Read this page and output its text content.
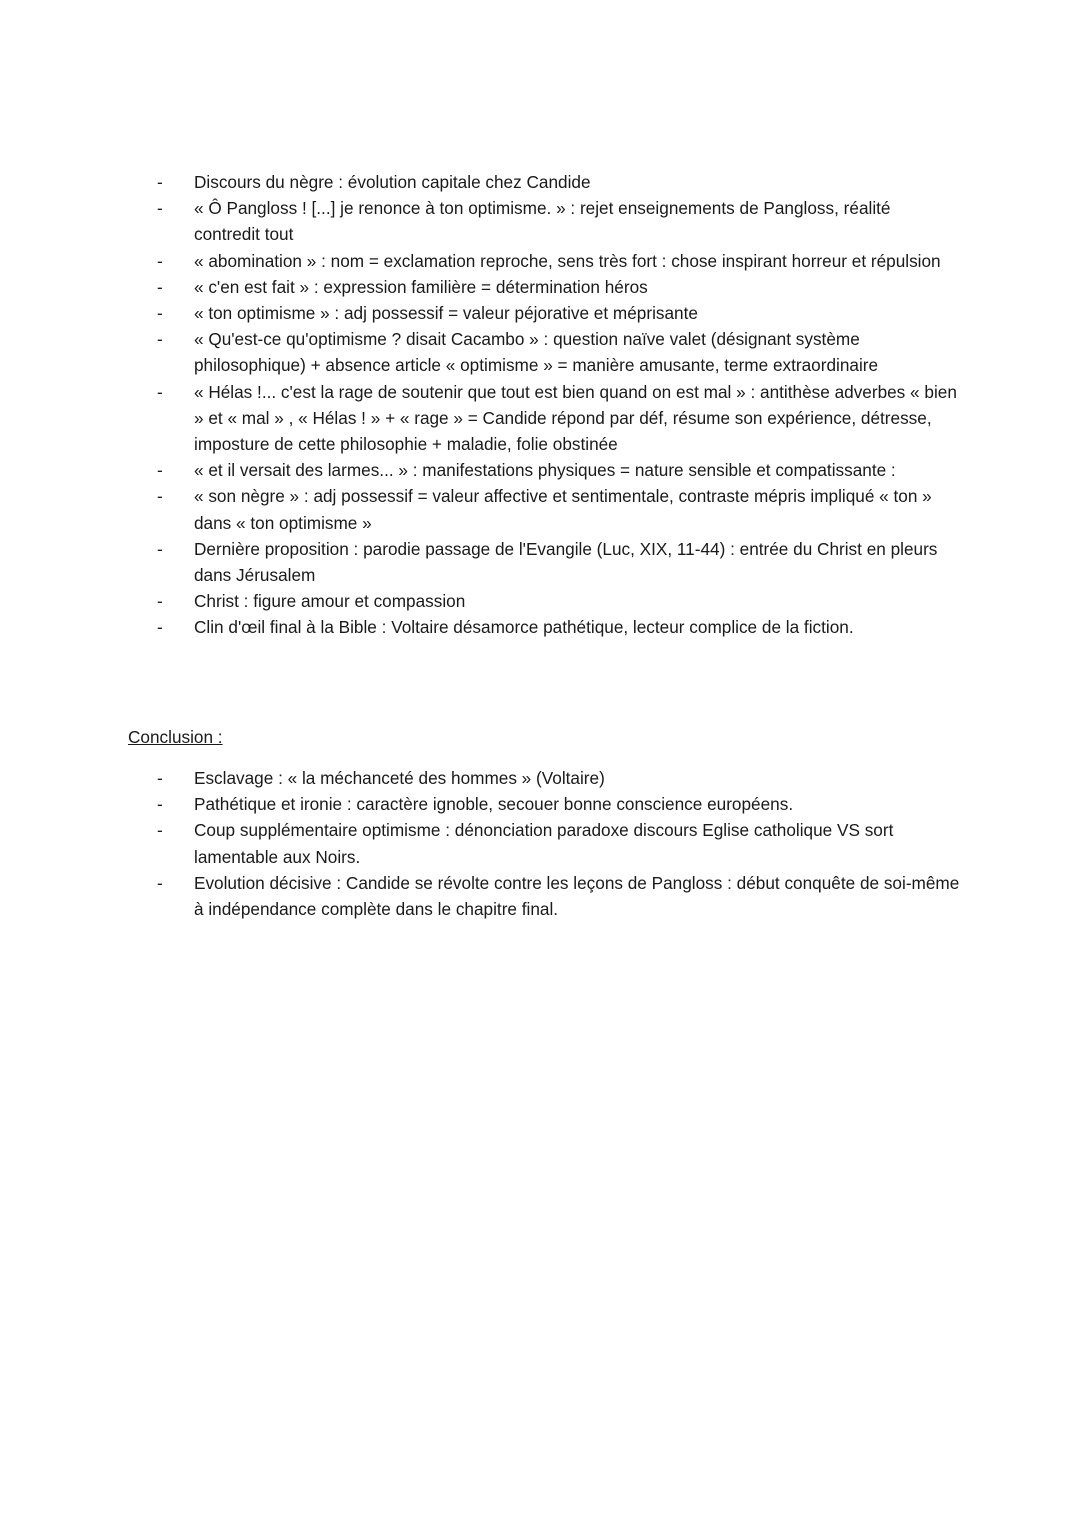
- Discours du nègre : évolution capitale chez Candide
- « Ô Pangloss ! [...] je renonce à ton optimisme. » : rejet enseignements de Pangloss, réalité contredit tout
- « abomination » : nom = exclamation reproche, sens très fort : chose inspirant horreur et répulsion
- « c'en est fait » : expression familière = détermination héros
- « ton optimisme » : adj possessif = valeur péjorative et méprisante
- « Qu'est-ce qu'optimisme ? disait Cacambo » : question naïve valet (désignant système philosophique) + absence article « optimisme » = manière amusante, terme extraordinaire
- « Hélas !... c'est la rage de soutenir que tout est bien quand on est mal » : antithèse adverbes « bien » et « mal » , « Hélas ! » + « rage » = Candide répond par déf, résume son expérience, détresse, imposture de cette philosophie + maladie, folie obstinée
- « et il versait des larmes... » : manifestations physiques = nature sensible et compatissante :
- « son nègre » : adj possessif = valeur affective et sentimentale, contraste mépris impliqué « ton » dans « ton optimisme »
- Dernière proposition : parodie passage de l'Evangile (Luc, XIX, 11-44) : entrée du Christ en pleurs dans Jérusalem
- Christ : figure amour et compassion
- Clin d'œil final à la Bible : Voltaire désamorce pathétique, lecteur complice de la fiction.
Conclusion :
- Esclavage : « la méchanceté des hommes » (Voltaire)
- Pathétique et ironie : caractère ignoble, secouer bonne conscience européens.
- Coup supplémentaire optimisme : dénonciation paradoxe discours Eglise catholique VS sort lamentable aux Noirs.
- Evolution décisive : Candide se révolte contre les leçons de Pangloss : début conquête de soi-même à indépendance complète dans le chapitre final.
